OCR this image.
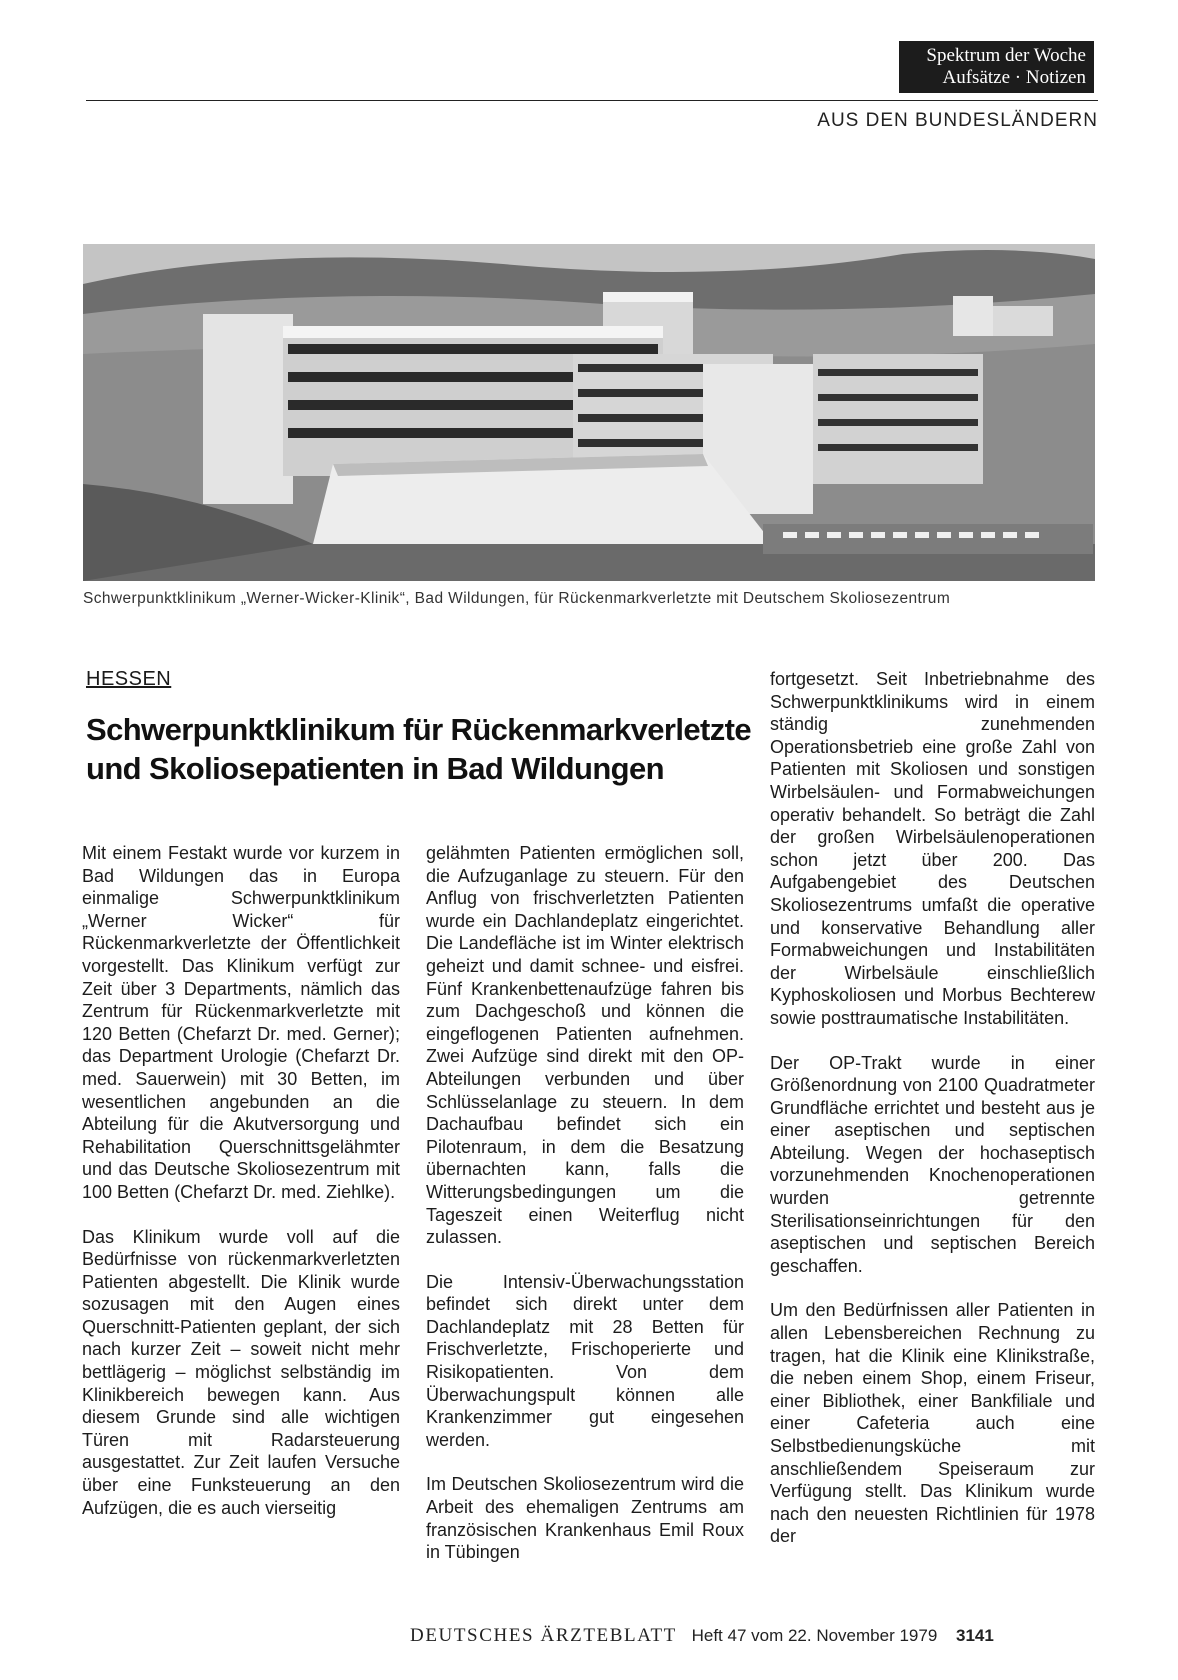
Spektrum der Woche
Aufsätze · Notizen
AUS DEN BUNDESLÄNDERN
Schwerpunktklinikum „Werner-Wicker-Klinik“, Bad Wildungen, für Rückenmarkverletzte mit Deutschem Skoliosezentrum
HESSEN
Schwerpunktklinikum für Rückenmarkverletzte und Skoliosepatienten in Bad Wildungen

Mit einem Festakt wurde vor kurzem in Bad Wildungen das in Europa einmalige Schwerpunktklinikum „Werner Wicker“ für Rückenmarkverletzte der Öffentlichkeit vorgestellt. Das Klinikum verfügt zur Zeit über 3 Departments, nämlich das Zentrum für Rückenmarkverletzte mit 120 Betten (Chefarzt Dr. med. Gerner); das Department Urologie (Chefarzt Dr. med. Sauerwein) mit 30 Betten, im wesentlichen angebunden an die Abteilung für die Akutversorgung und Rehabilitation Querschnittsgelähmter und das Deutsche Skoliosezentrum mit 100 Betten (Chefarzt Dr. med. Ziehlke).

Das Klinikum wurde voll auf die Bedürfnisse von rückenmarkverletzten Patienten abgestellt. Die Klinik wurde sozusagen mit den Augen eines Querschnitt-Patienten geplant, der sich nach kurzer Zeit – soweit nicht mehr bettlägerig – möglichst selbständig im Klinikbereich bewegen kann. Aus diesem Grunde sind alle wichtigen Türen mit Radarsteuerung ausgestattet. Zur Zeit laufen Versuche über eine Funksteuerung an den Aufzügen, die es auch vierseitig

gelähmten Patienten ermöglichen soll, die Aufzuganlage zu steuern. Für den Anflug von frischverletzten Patienten wurde ein Dachlandeplatz eingerichtet. Die Landefläche ist im Winter elektrisch geheizt und damit schnee- und eisfrei. Fünf Krankenbettenaufzüge fahren bis zum Dachgeschoß und können die eingeflogenen Patienten aufnehmen. Zwei Aufzüge sind direkt mit den OP-Abteilungen verbunden und über Schlüsselanlage zu steuern. In dem Dachaufbau befindet sich ein Pilotenraum, in dem die Besatzung übernachten kann, falls die Witterungsbedingungen um die Tageszeit einen Weiterflug nicht zulassen.

Die Intensiv-Überwachungsstation befindet sich direkt unter dem Dachlandeplatz mit 28 Betten für Frischverletzte, Frischoperierte und Risikopatienten. Von dem Überwachungspult können alle Krankenzimmer gut eingesehen werden.

Im Deutschen Skoliosezentrum wird die Arbeit des ehemaligen Zentrums am französischen Krankenhaus Emil Roux in Tübingen

fortgesetzt. Seit Inbetriebnahme des Schwerpunktklinikums wird in einem ständig zunehmenden Operationsbetrieb eine große Zahl von Patienten mit Skoliosen und sonstigen Wirbelsäulen- und Formabweichungen operativ behandelt. So beträgt die Zahl der großen Wirbelsäulenoperationen schon jetzt über 200. Das Aufgabengebiet des Deutschen Skoliosezentrums umfaßt die operative und konservative Behandlung aller Formabweichungen und Instabilitäten der Wirbelsäule einschließlich Kyphoskoliosen und Morbus Bechterew sowie posttraumatische Instabilitäten.

Der OP-Trakt wurde in einer Größenordnung von 2100 Quadratmeter Grundfläche errichtet und besteht aus je einer aseptischen und septischen Abteilung. Wegen der hochaseptisch vorzunehmenden Knochenoperationen wurden getrennte Sterilisationseinrichtungen für den aseptischen und septischen Bereich geschaffen.

Um den Bedürfnissen aller Patienten in allen Lebensbereichen Rechnung zu tragen, hat die Klinik eine Klinikstraße, die neben einem Shop, einem Friseur, einer Bibliothek, einer Bankfiliale und einer Cafeteria auch eine Selbstbedienungsküche mit anschließendem Speiseraum zur Verfügung stellt. Das Klinikum wurde nach den neuesten Richtlinien für 1978 der

DEUTSCHES ÄRZTEBLATT Heft 47 vom 22. November 1979 3141
